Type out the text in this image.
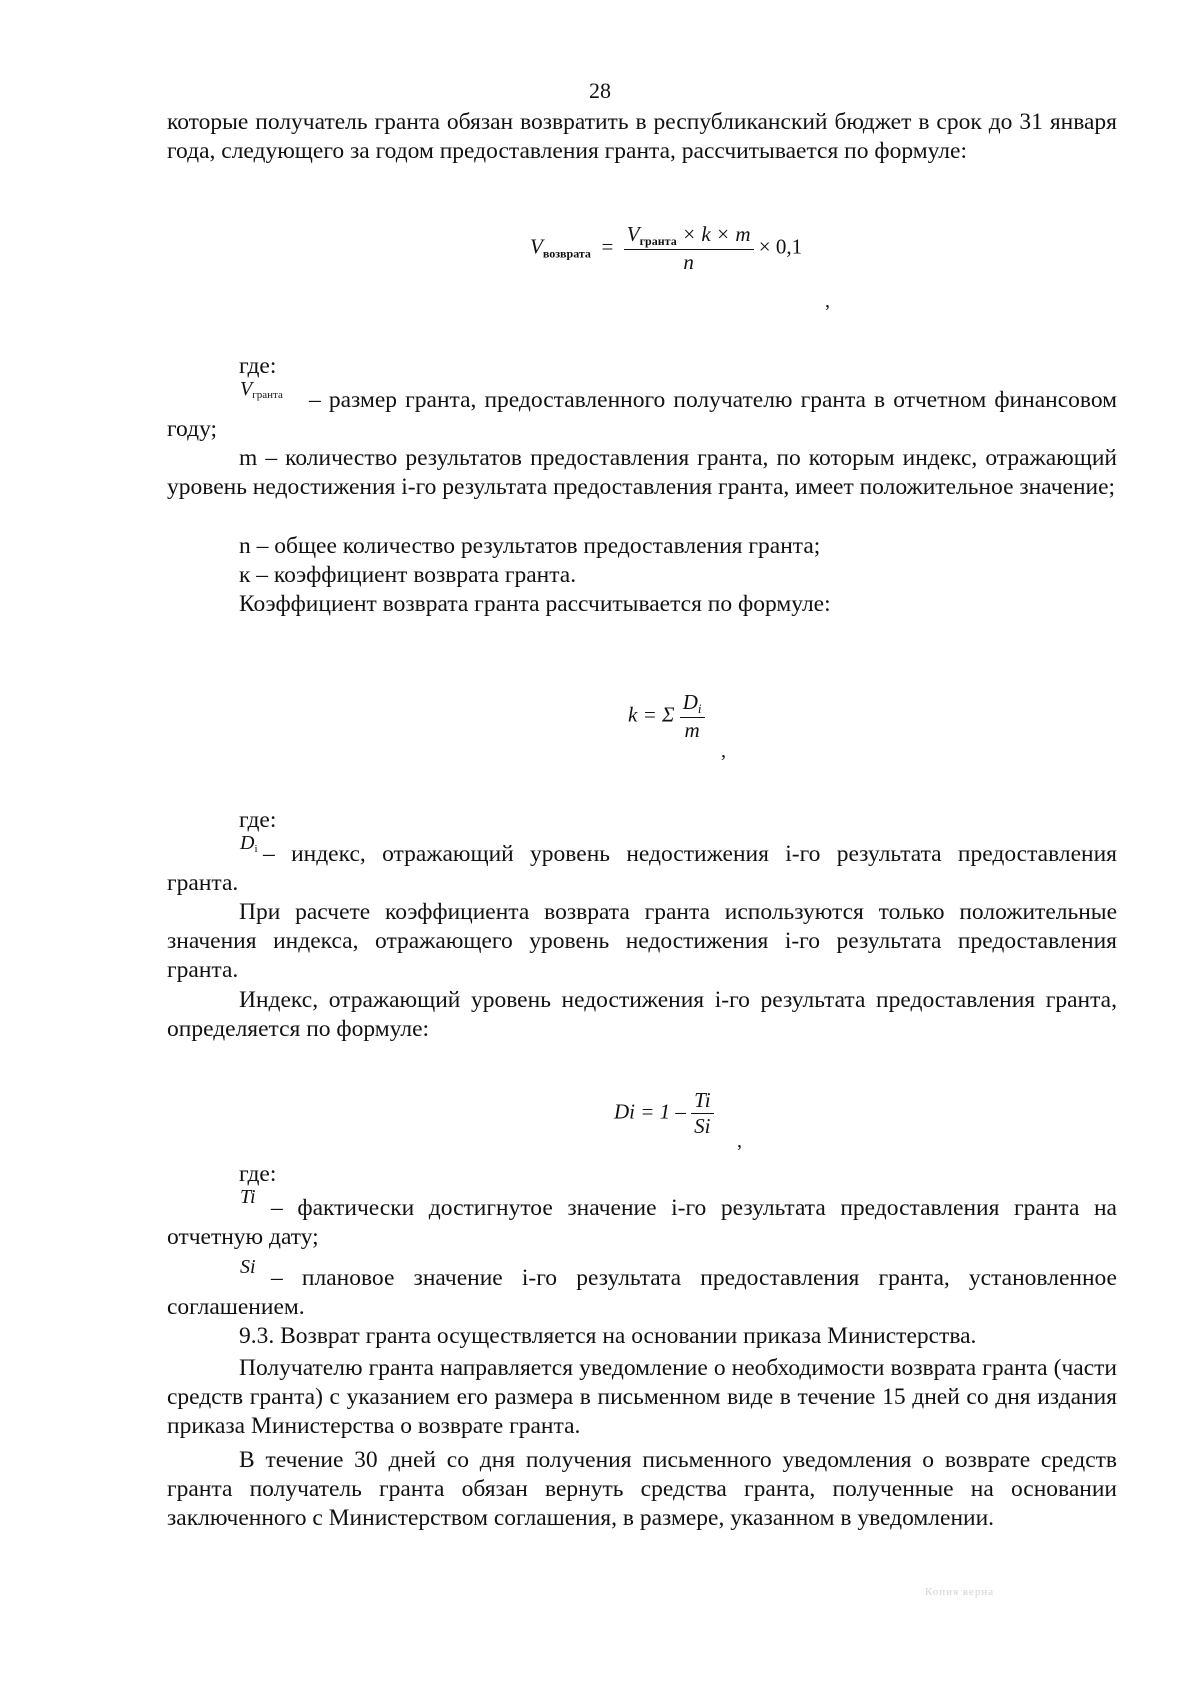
28
которые получатель гранта обязан возвратить в республиканский бюджет в срок до 31 января года, следующего за годом предоставления гранта, рассчитывается по формуле:
$V_{возврата} = \frac{V_{гранта} \times k \times m}{n} \times 0,1$
,
где:
Vгранта	– размер гранта, предоставленного получателю гранта в отчетном финансовом году;
m – количество результатов предоставления гранта, по которым индекс, отражающий уровень недостижения i-го результата предоставления гранта, имеет положительное значение;
n – общее количество результатов предоставления гранта;
к – коэффициент возврата гранта.
Коэффициент возврата гранта рассчитывается по формуле:
k = Σ $\frac{Di}{m}$
,
где:
Di – индекс, отражающий уровень недостижения i-го результата предоставления гранта.
При расчете коэффициента возврата гранта используются только положительные значения индекса, отражающего уровень недостижения i-го результата предоставления гранта.
Индекс, отражающий уровень недостижения i-го результата предоставления гранта, определяется по формуле:
$Di = 1 - \frac{Ti}{Si}$
,
где:
Ti – фактически достигнутое значение i-го результата предоставления гранта на отчетную дату;
Si – плановое значение i-го результата предоставления гранта, установленное соглашением.
9.3. Возврат гранта осуществляется на основании приказа Министерства.
Получателю гранта направляется уведомление о необходимости возврата гранта (части средств гранта) с указанием его размера в письменном виде в течение 15 дней со дня издания приказа Министерства о возврате гранта.
В течение 30 дней со дня получения письменного уведомления о возврате средств гранта получатель гранта обязан вернуть средства гранта, полученные на основании заключенного с Министерством соглашения, в размере, указанном в уведомлении.
Копия верна
